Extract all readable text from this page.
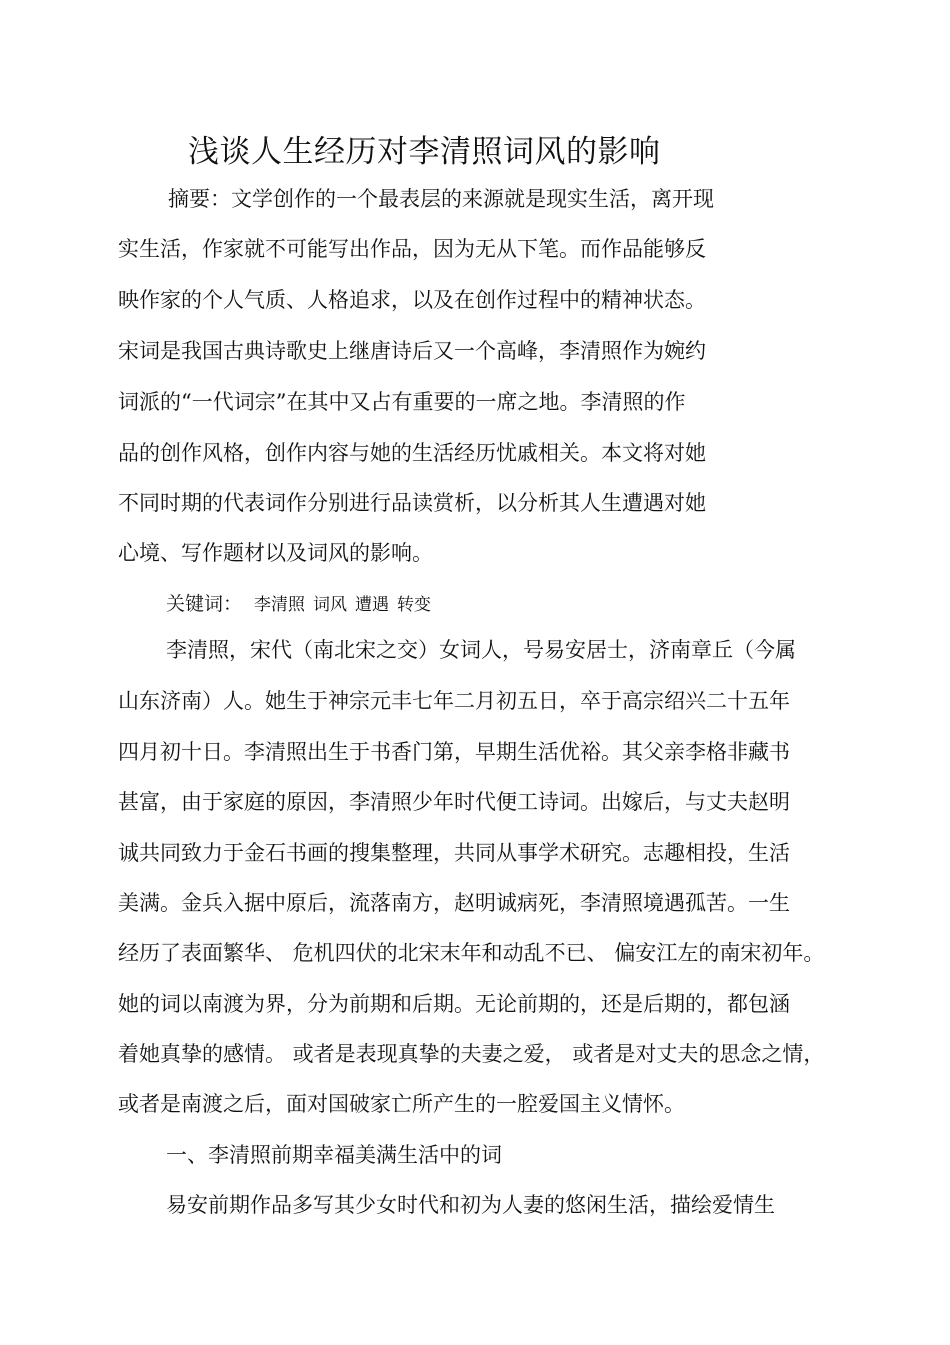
浅谈人生经历对李清照词风的影响
摘要：文学创作的一个最表层的来源就是现实生活，离开现
实生活，作家就不可能写出作品，因为无从下笔。而作品能够反
映作家的个人气质、人格追求，以及在创作过程中的精神状态。
宋词是我国古典诗歌史上继唐诗后又一个高峰，李清照作为婉约
词派的“一代词宗”在其中又占有重要的一席之地。李清照的作
品的创作风格，创作内容与她的生活经历忧戚相关。本文将对她
不同时期的代表词作分别进行品读赏析，以分析其人生遭遇对她
心境、写作题材以及词风的影响。
关键词： 李清照 词风 遭遇 转变
李清照，宋代（南北宋之交）女词人，号易安居士，济南章丘（今属
山东济南）人。她生于神宗元丰七年二月初五日，卒于高宗绍兴二十五年
四月初十日。李清照出生于书香门第，早期生活优裕。其父亲李格非藏书
甚富，由于家庭的原因，李清照少年时代便工诗词。出嫁后，与丈夫赵明
诚共同致力于金石书画的搜集整理，共同从事学术研究。志趣相投，生活
美满。金兵入据中原后，流落南方，赵明诚病死，李清照境遇孤苦。一生
经历了表面繁华、 危机四伏的北宋末年和动乱不已、 偏安江左的南宋初年。
她的词以南渡为界，分为前期和后期。无论前期的，还是后期的，都包涵
着她真挚的感情。 或者是表现真挚的夫妻之爱， 或者是对丈夫的思念之情，
或者是南渡之后，面对国破家亡所产生的一腔爱国主义情怀。
一、李清照前期幸福美满生活中的词
易安前期作品多写其少女时代和初为人妻的悠闲生活，描绘爱情生
